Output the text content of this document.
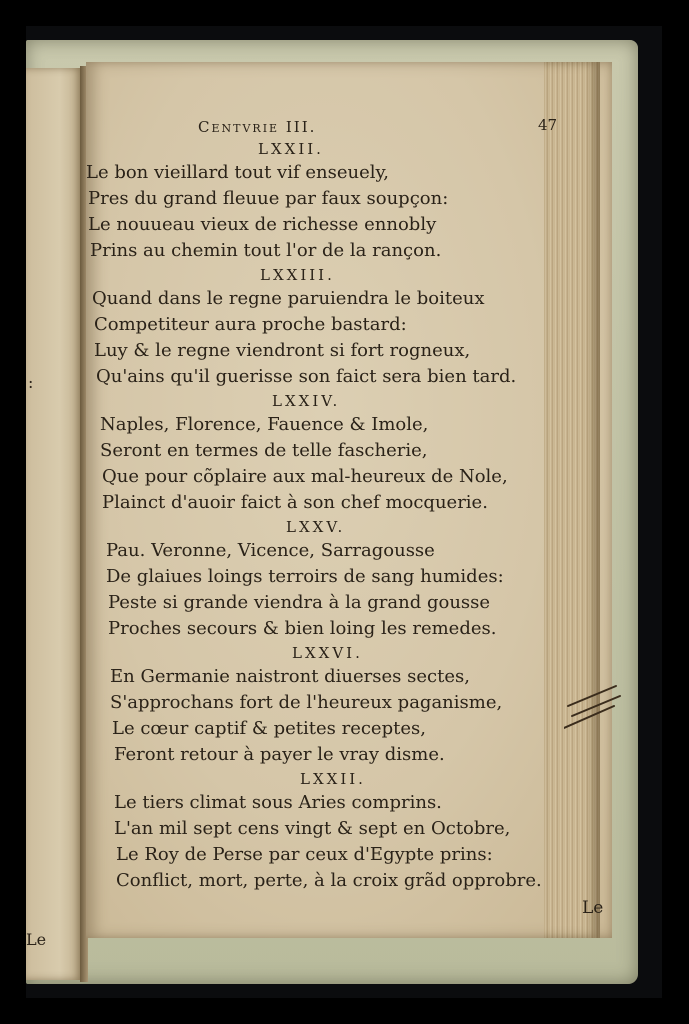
:
Le
Centvrie III.	47
LXXII.
Le bon vieillard tout vif enseuely,
Pres du grand fleuue par faux soupçon:
Le nouueau vieux de richesse ennobly
Prins au chemin tout l'or de la rançon.
LXXIII.
Quand dans le regne paruiendra le boiteux
Competiteur aura proche bastard:
Luy & le regne viendront si fort rogneux,
Qu'ains qu'il guerisse son faict sera bien tard.
LXXIV.
Naples, Florence, Fauence & Imole,
Seront en termes de telle fascherie,
Que pour cõplaire aux mal-heureux de Nole,
Plainct d'auoir faict à son chef mocquerie.
LXXV.
Pau. Veronne, Vicence, Sarragousse
De glaiues loings terroirs de sang humides:
Peste si grande viendra à la grand gousse
Proches secours & bien loing les remedes.
LXXVI.
En Germanie naistront diuerses sectes,
S'approchans fort de l'heureux paganisme,
Le cœur captif & petites receptes,
Feront retour à payer le vray disme.
LXXII.
Le tiers climat sous Aries comprins.
L'an mil sept cens vingt & sept en Octobre,
Le Roy de Perse par ceux d'Egypte prins:
Conflict, mort, perte, à la croix grãd opprobre.
Le
